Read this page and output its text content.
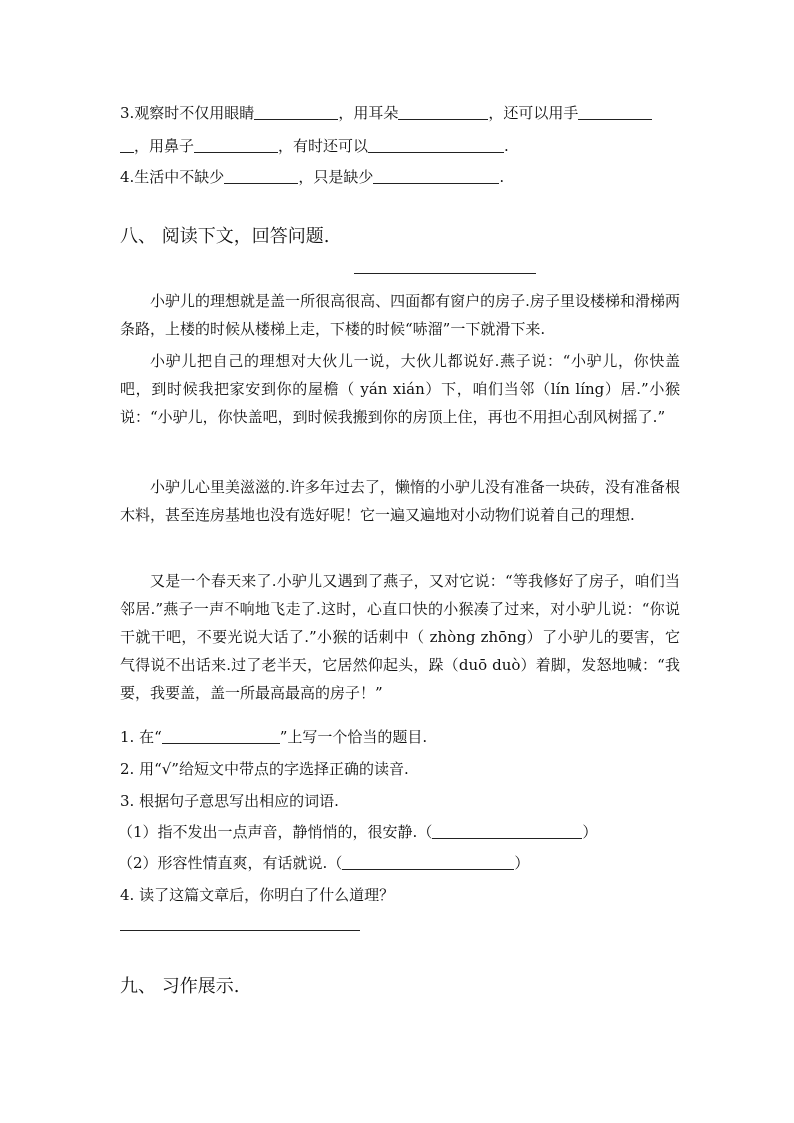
3.观察时不仅用眼睛	，用耳朵	，还可以用手
，用鼻子	，有时还可以	.
4.生活中不缺少	，只是缺少	.
八、 阅读下文，回答问题.
小驴儿的理想就是盖一所很高很高、四面都有窗户的房子.房子里设楼梯和滑梯两条路，上楼的时候从楼梯上走，下楼的时候“哧溜”一下就滑下来.
小驴儿把自己的理想对大伙儿一说，大伙儿都说好.燕子说：“小驴儿，你快盖吧，到时候我把家安到你的屋檐（ yán xián）下，咱们当邻（lín líng）居.”小猴说：“小驴儿，你快盖吧，到时候我搬到你的房顶上住，再也不用担心刮风树摇了.”
小驴儿心里美滋滋的.许多年过去了，懒惰的小驴儿没有准备一块砖，没有准备根木料，甚至连房基地也没有选好呢！它一遍又遍地对小动物们说着自己的理想.
又是一个春天来了.小驴儿又遇到了燕子，又对它说：“等我修好了房子，咱们当邻居.”燕子一声不响地飞走了.这时，心直口快的小猴凑了过来，对小驴儿说：“你说干就干吧，不要光说大话了.”小猴的话刺中（ zhòng zhōng）了小驴儿的要害，它气得说不出话来.过了老半天，它居然仰起头，跺（duō duò）着脚，发怒地喊：“我要，我要盖，盖一所最高最高的房子！”
1. 在“	”上写一个恰当的题目.
2. 用“√”给短文中带点的字选择正确的读音.
3. 根据句子意思写出相应的词语.
（1）指不发出一点声音，静悄悄的，很安静.（	）
（2）形容性情直爽，有话就说.（	）
4. 读了这篇文章后，你明白了什么道理？
九、 习作展示.
